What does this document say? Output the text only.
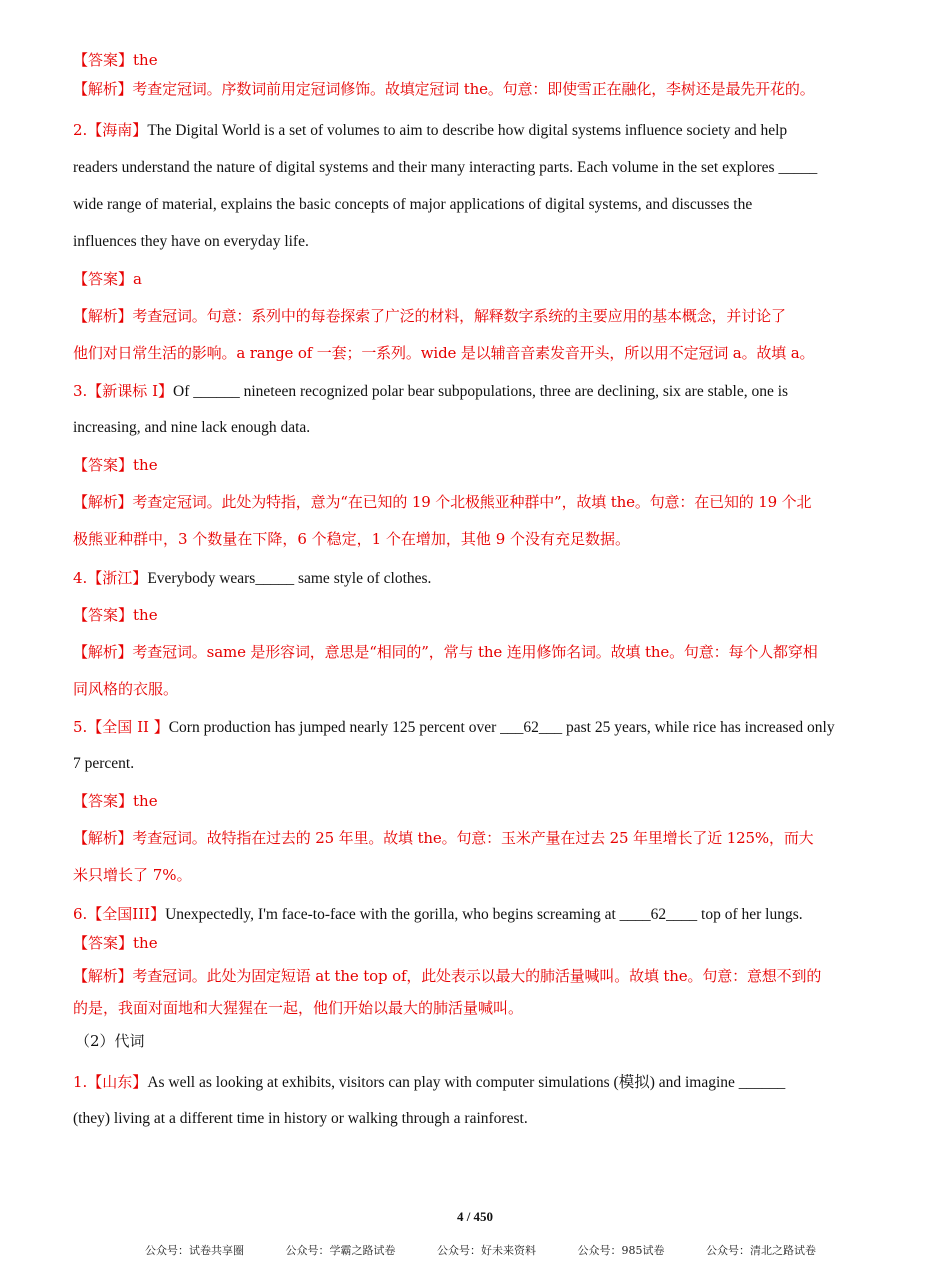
【答案】the
【解析】考查定冠词。序数词前用定冠词修饰。故填定冠词 the。句意：即使雪正在融化，李树还是最先开花的。
2.【海南】The Digital World is a set of volumes to aim to describe how digital systems influence society and help
readers understand the nature of digital systems and their many interacting parts. Each volume in the set explores _____
wide range of material, explains the basic concepts of major applications of digital systems, and discusses the
influences they have on everyday life.
【答案】a
【解析】考查冠词。句意：系列中的每卷探索了广泛的材料，解释数字系统的主要应用的基本概念，并讨论了
他们对日常生活的影响。a range of 一套；一系列。wide 是以辅音音素发音开头，所以用不定冠词 a。故填 a。
3.【新课标 I】Of ______ nineteen recognized polar bear subpopulations, three are declining, six are stable, one is
increasing, and nine lack enough data.
【答案】the
【解析】考查定冠词。此处为特指，意为“在已知的 19 个北极熊亚种群中”，故填 the。句意：在已知的 19 个北
极熊亚种群中，3 个数量在下降，6 个稳定，1 个在增加，其他 9 个没有充足数据。
4.【浙江】Everybody wears_____ same style of clothes.
【答案】the
【解析】考查冠词。same 是形容词，意思是“相同的”，常与 the 连用修饰名词。故填 the。句意：每个人都穿相
同风格的衣服。
5.【全国 II 】Corn production has jumped nearly 125 percent over ___62___ past 25 years, while rice has increased only
7 percent.
【答案】the
【解析】考查冠词。故特指在过去的 25 年里。故填 the。句意：玉米产量在过去 25 年里增长了近 125%，而大
米只增长了 7%。
6.【全国III】Unexpectedly, I'm face-to-face with the gorilla, who begins screaming at ____62____ top of her lungs.
【答案】the
【解析】考查冠词。此处为固定短语 at the top of，此处表示以最大的肺活量喊叫。故填 the。句意：意想不到的
的是，我面对面地和大猩猩在一起，他们开始以最大的肺活量喊叫。
（2）代词
1.【山东】As well as looking at exhibits, visitors can play with computer simulations (模拟) and imagine ______
(they) living at a different time in history or walking through a rainforest.
4 / 450
公众号：试卷共享圈	公众号：学霸之路试卷	公众号：好未来资料	公众号：985试卷	公众号：清北之路试卷
